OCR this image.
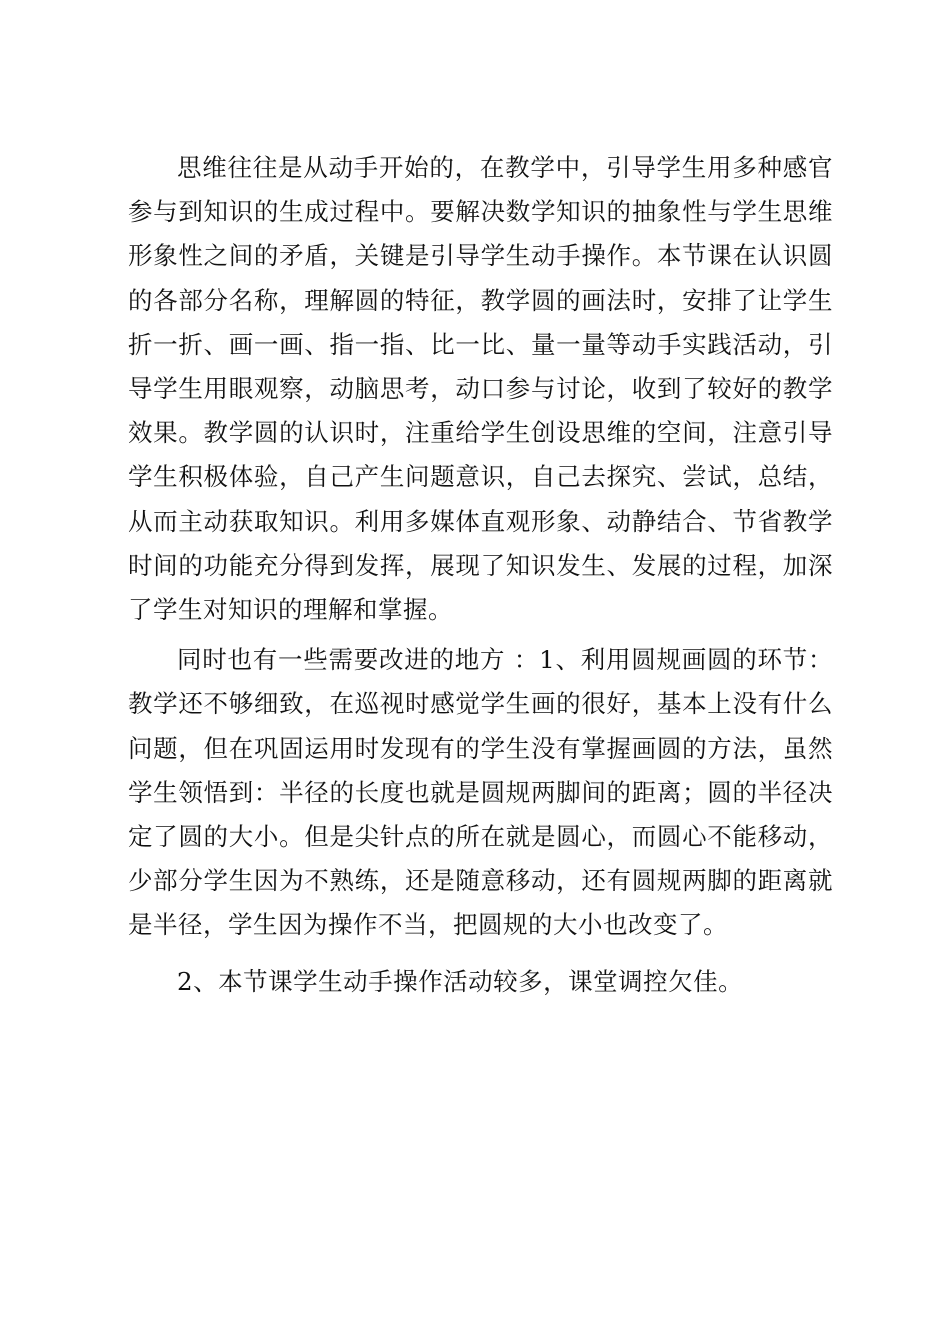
思维往往是从动手开始的，在教学中，引导学生用多种感官参与到知识的生成过程中。要解决数学知识的抽象性与学生思维形象性之间的矛盾，关键是引导学生动手操作。本节课在认识圆的各部分名称，理解圆的特征，教学圆的画法时，安排了让学生折一折、画一画、指一指、比一比、量一量等动手实践活动，引导学生用眼观察，动脑思考，动口参与讨论，收到了较好的教学效果。教学圆的认识时，注重给学生创设思维的空间，注意引导学生积极体验，自己产生问题意识，自己去探究、尝试，总结，从而主动获取知识。利用多媒体直观形象、动静结合、节省教学时间的功能充分得到发挥，展现了知识发生、发展的过程，加深了学生对知识的理解和掌握。

同时也有一些需要改进的地方 ：1、利用圆规画圆的环节：教学还不够细致，在巡视时感觉学生画的很好，基本上没有什么问题，但在巩固运用时发现有的学生没有掌握画圆的方法，虽然学生领悟到：半径的长度也就是圆规两脚间的距离；圆的半径决定了圆的大小。但是尖针点的所在就是圆心，而圆心不能移动，少部分学生因为不熟练，还是随意移动，还有圆规两脚的距离就是半径，学生因为操作不当，把圆规的大小也改变了。

2、本节课学生动手操作活动较多，课堂调控欠佳。
